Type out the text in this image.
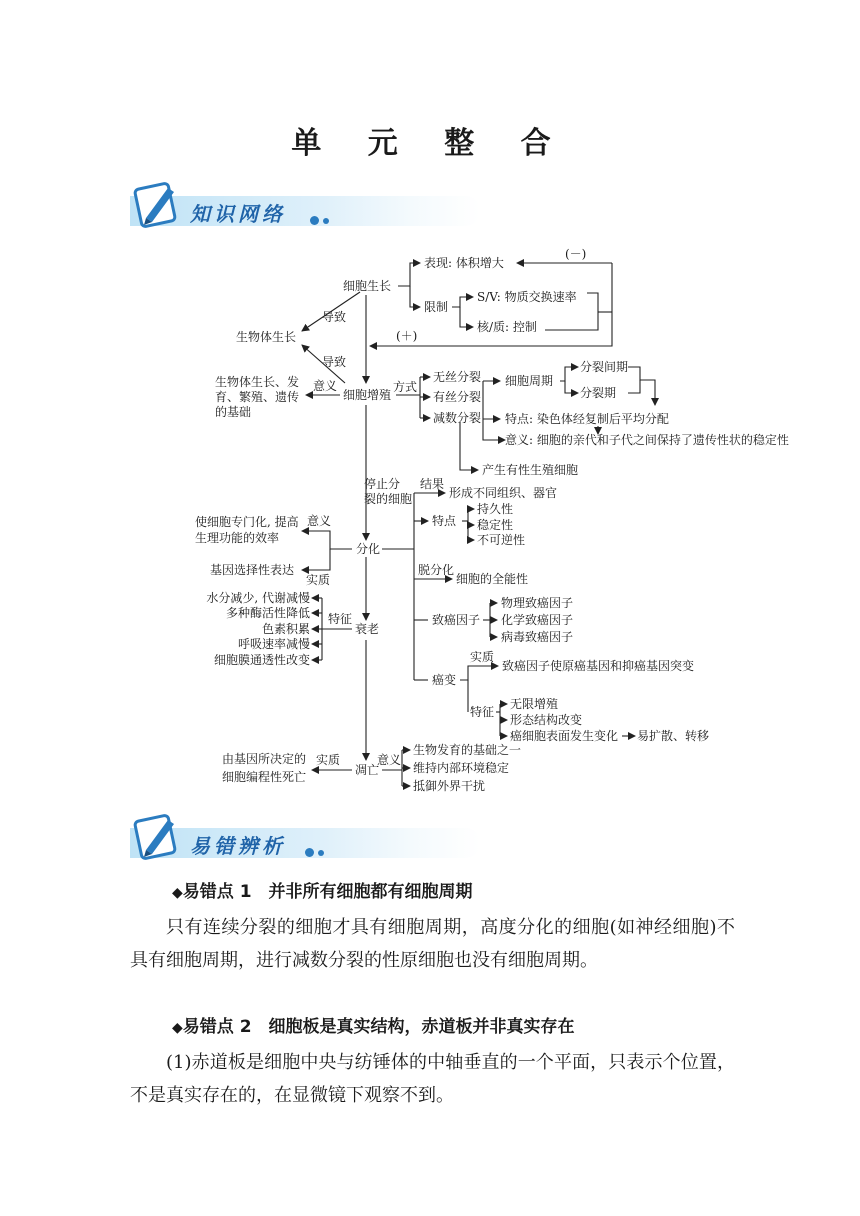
单 元 整 合
知识网络
细胞生长
表现: 体积增大
限制
S/V: 物质交换速率
核/质: 控制
(－)
(＋)
生物体生长
导致
导致
生物体生长、发
育、繁殖、遗传
的基础
意义
细胞增殖
方式
无丝分裂
有丝分裂
减数分裂
细胞周期
分裂间期
分裂期
特点: 染色体经复制后平均分配
意义: 细胞的亲代和子代之间保持了遗传性状的稳定性
产生有性生殖细胞
停止分
裂的细胞
分化
结果
形成不同组织、器官
特点
持久性
稳定性
不可逆性
脱分化
细胞的全能性
使细胞专门化, 提高
生理功能的效率
意义
基因选择性表达
实质
衰老
特征
水分减少, 代谢减慢
多种酶活性降低
色素积累
呼吸速率减慢
细胞膜通透性改变
致癌因子
物理致癌因子
化学致癌因子
病毒致癌因子
癌变
实质
致癌因子使原癌基因和抑癌基因突变
特征
无限增殖
形态结构改变
癌细胞表面发生变化 易扩散、转移
凋亡
由基因所决定的
细胞编程性死亡
实质	意义
生物发育的基础之一
维持内部环境稳定
抵御外界干扰
易错辨析
◆易错点 1　并非所有细胞都有细胞周期
只有连续分裂的细胞才具有细胞周期，高度分化的细胞(如神经细胞)不具有细胞周期，进行减数分裂的性原细胞也没有细胞周期。
◆易错点 2　细胞板是真实结构，赤道板并非真实存在
(1)赤道板是细胞中央与纺锤体的中轴垂直的一个平面，只表示个位置，不是真实存在的，在显微镜下观察不到。
